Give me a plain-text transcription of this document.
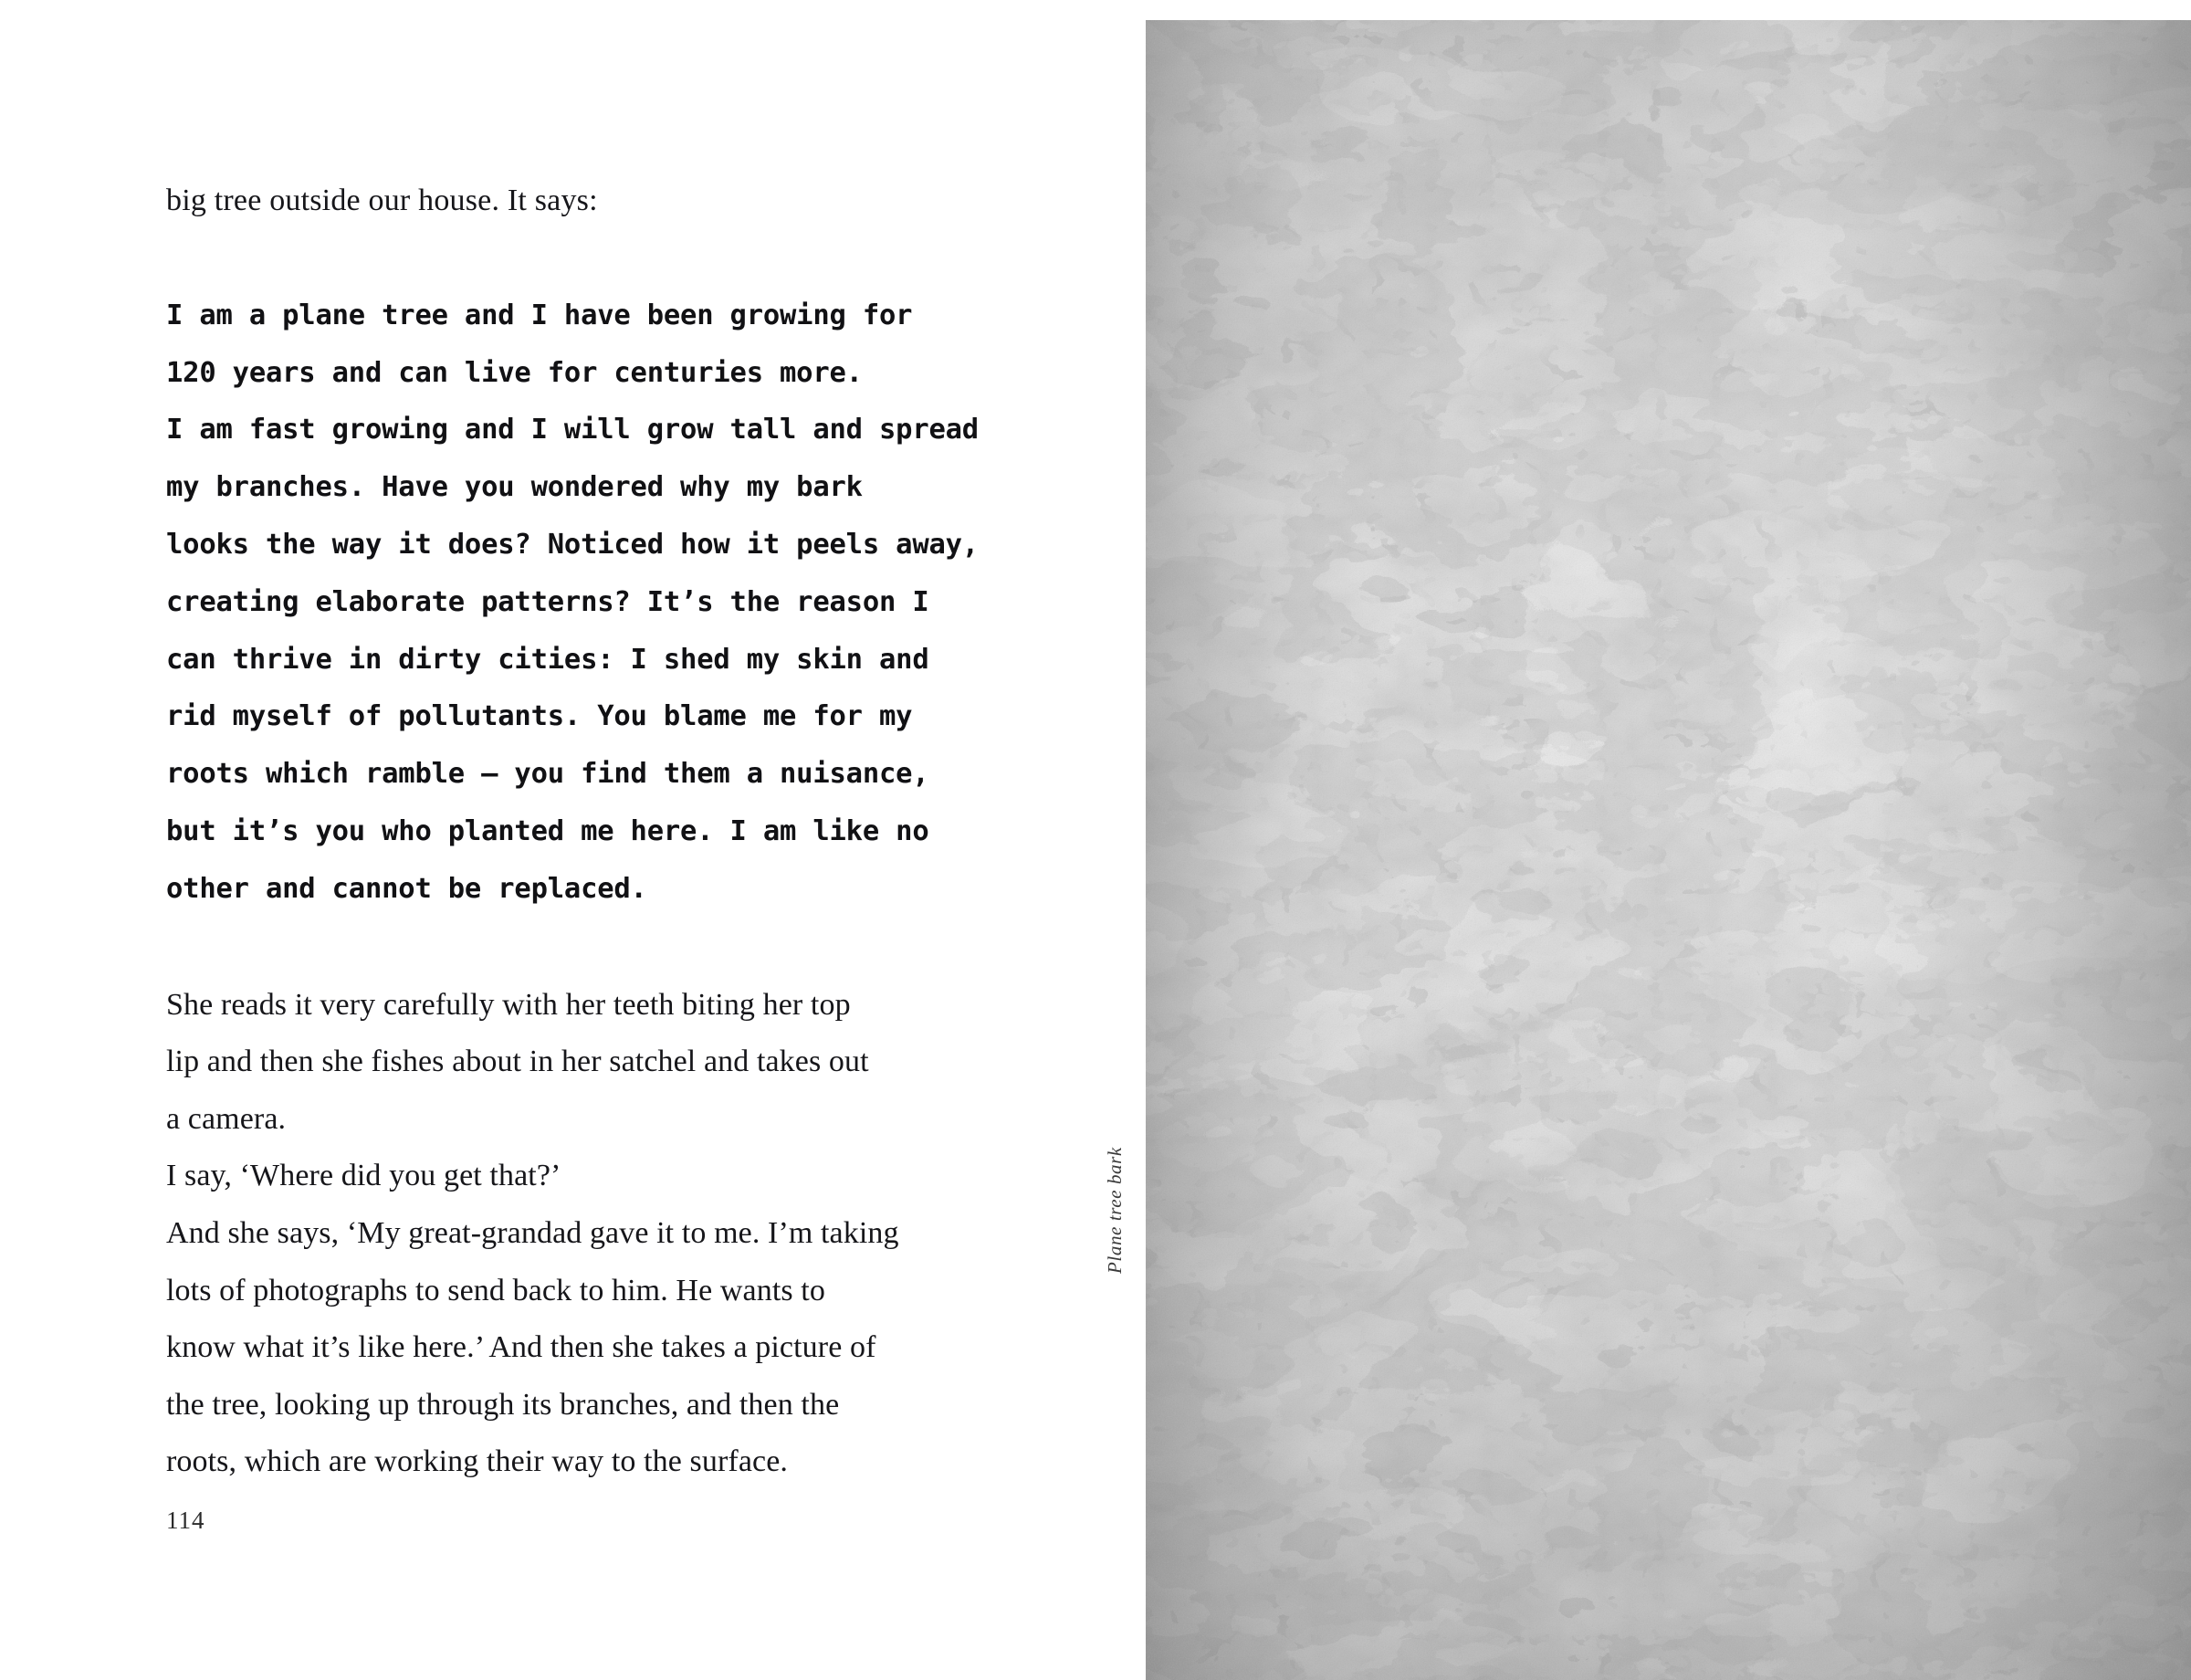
big tree outside our house. It says:

I am a plane tree and I have been growing for
120 years and can live for centuries more.
I am fast growing and I will grow tall and spread
my branches. Have you wondered why my bark
looks the way it does? Noticed how it peels away,
creating elaborate patterns? It’s the reason I
can thrive in dirty cities: I shed my skin and
rid myself of pollutants. You blame me for my
roots which ramble – you find them a nuisance,
but it’s you who planted me here. I am like no
other and cannot be replaced.
She reads it very carefully with her teeth biting her top
lip and then she fishes about in her satchel and takes out
a camera.
I say, ‘Where did you get that?’
And she says, ‘My great-grandad gave it to me. I’m taking
lots of photographs to send back to him. He wants to
know what it’s like here.’ And then she takes a picture of
the tree, looking up through its branches, and then the
roots, which are working their way to the surface.
114
Plane tree bark
